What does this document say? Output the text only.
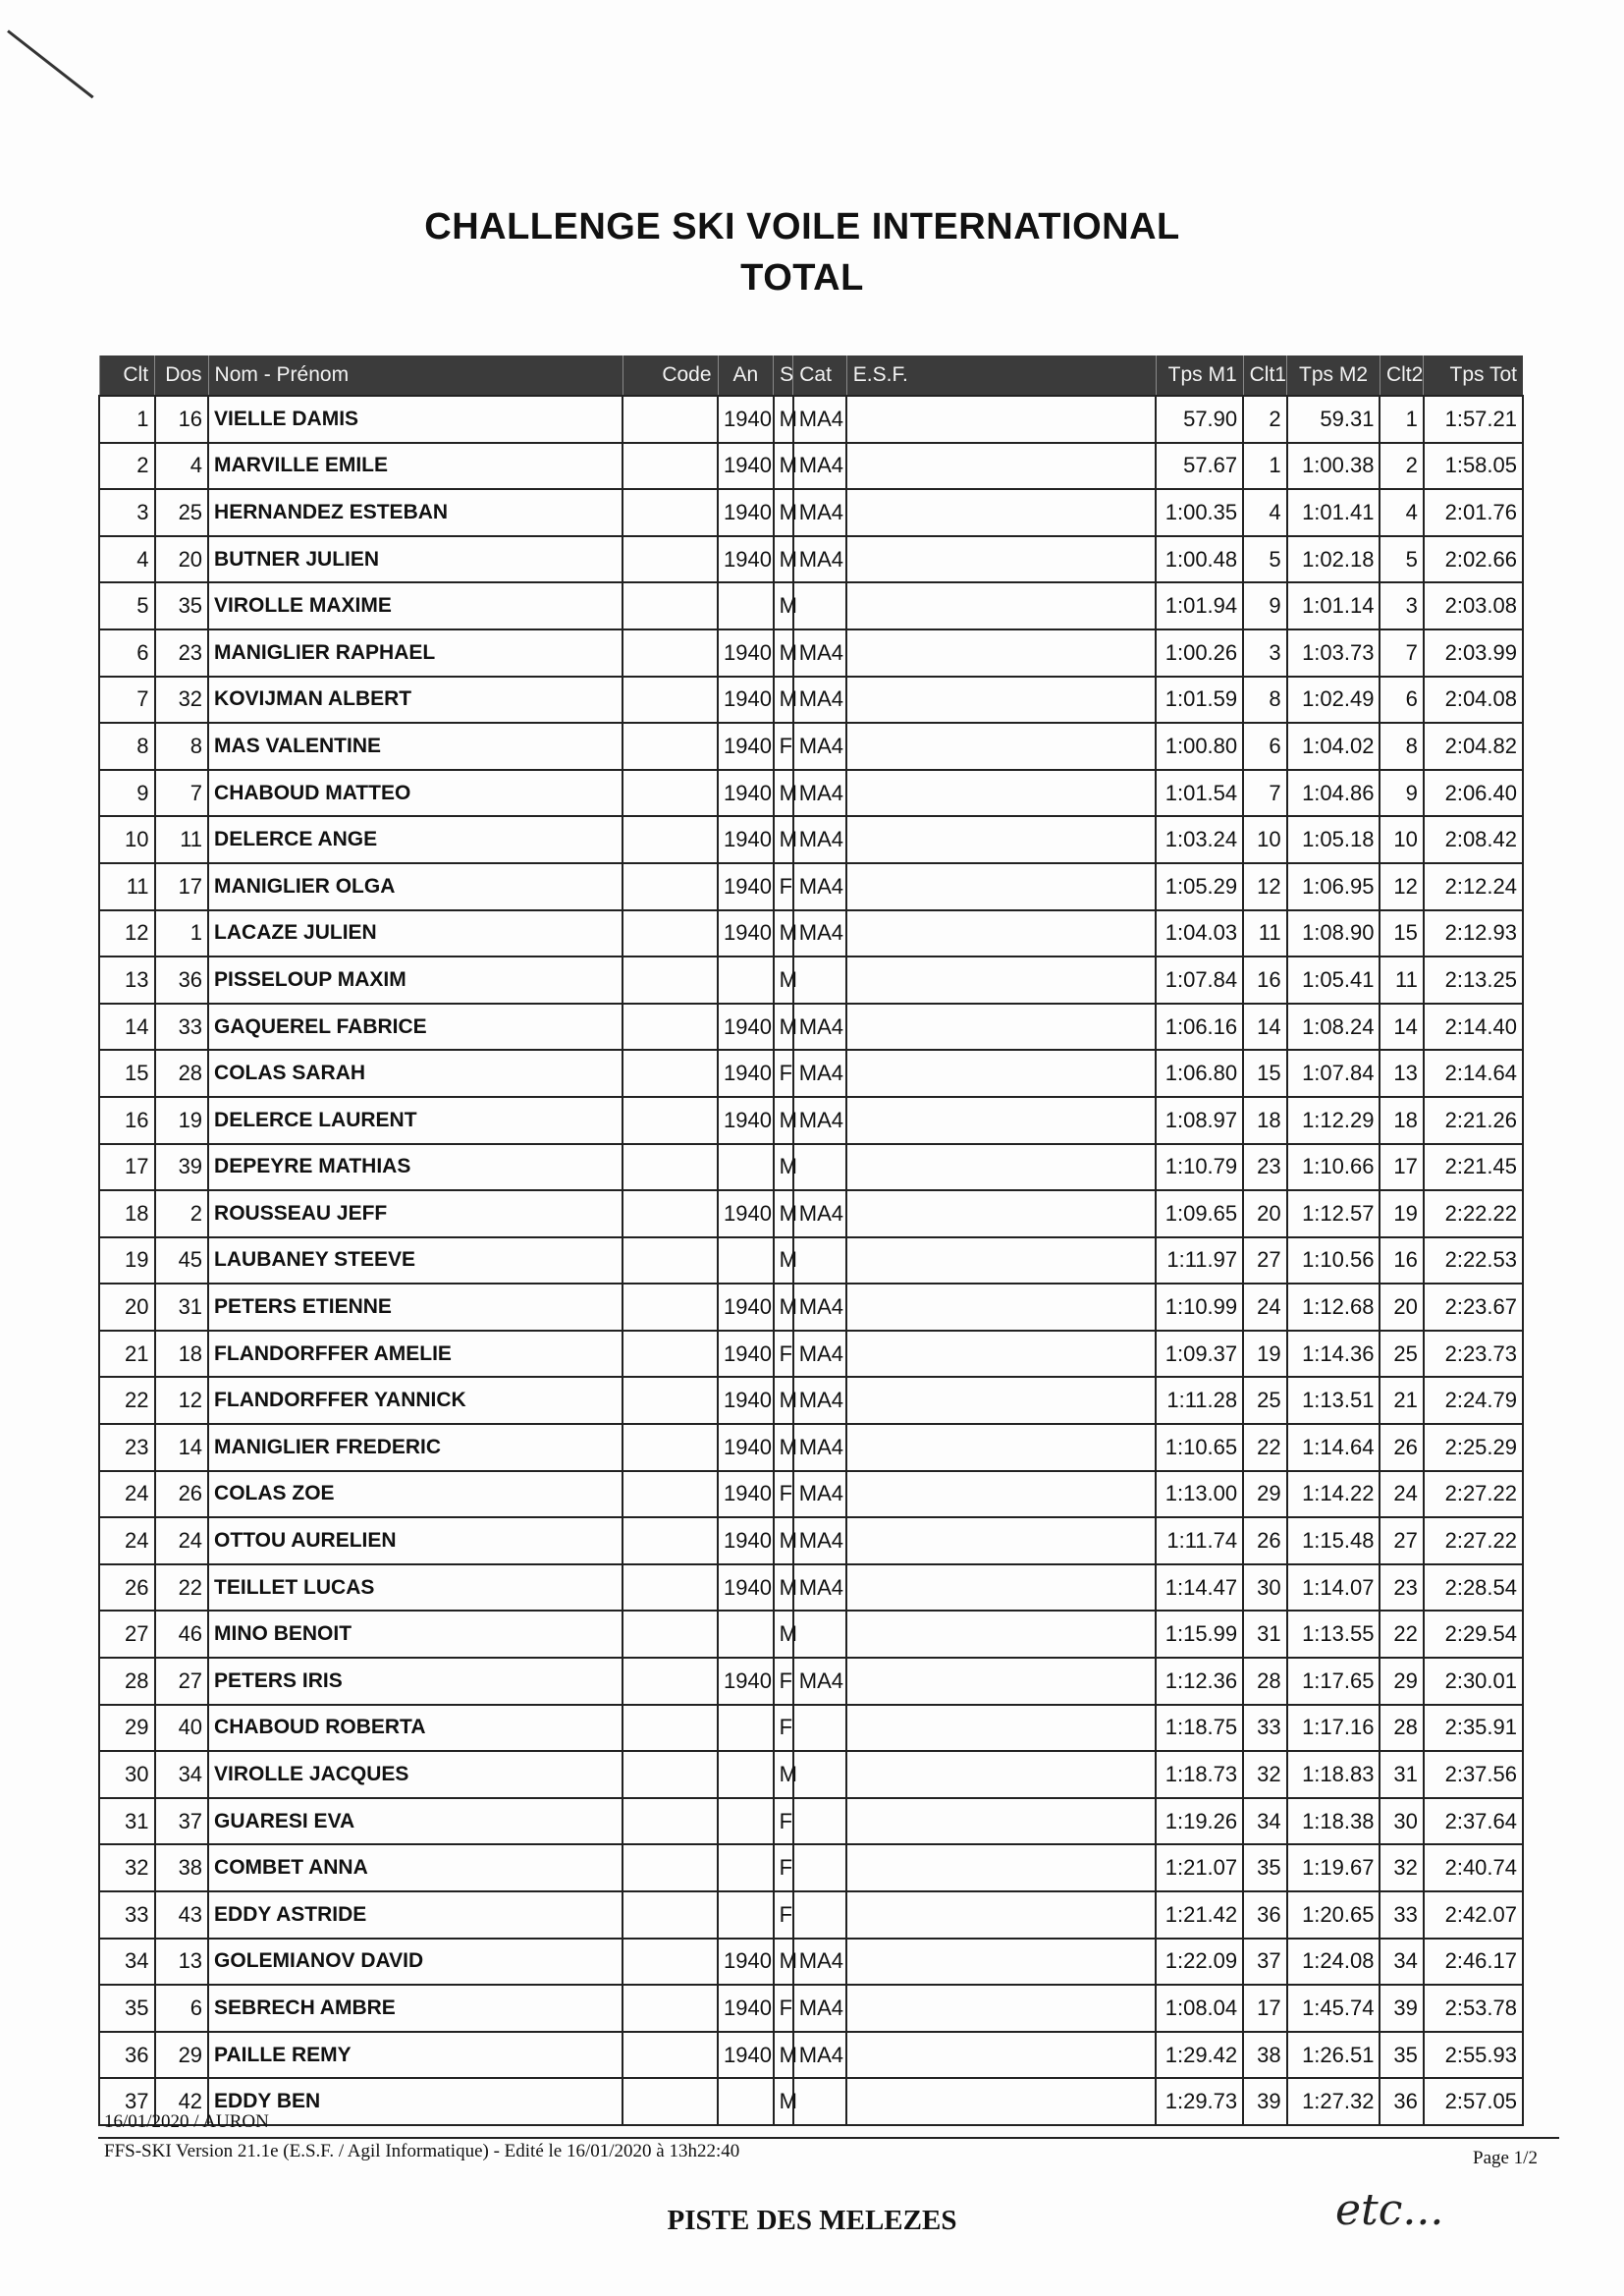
CHALLENGE SKI VOILE INTERNATIONAL
TOTAL
Clt	Dos	Nom - Prénom	Code	An	S	Cat	E.S.F.	Tps M1	Clt1	Tps M2	Clt2	Tps Tot
1	16	VIELLE DAMIS		1940	M	MA4		57.90	2	59.31	1	1:57.21
2	4	MARVILLE EMILE		1940	M	MA4		57.67	1	1:00.38	2	1:58.05
3	25	HERNANDEZ ESTEBAN		1940	M	MA4		1:00.35	4	1:01.41	4	2:01.76
4	20	BUTNER JULIEN		1940	M	MA4		1:00.48	5	1:02.18	5	2:02.66
5	35	VIROLLE MAXIME			M			1:01.94	9	1:01.14	3	2:03.08
6	23	MANIGLIER RAPHAEL		1940	M	MA4		1:00.26	3	1:03.73	7	2:03.99
7	32	KOVIJMAN ALBERT		1940	M	MA4		1:01.59	8	1:02.49	6	2:04.08
8	8	MAS VALENTINE		1940	F	MA4		1:00.80	6	1:04.02	8	2:04.82
9	7	CHABOUD MATTEO		1940	M	MA4		1:01.54	7	1:04.86	9	2:06.40
10	11	DELERCE ANGE		1940	M	MA4		1:03.24	10	1:05.18	10	2:08.42
11	17	MANIGLIER OLGA		1940	F	MA4		1:05.29	12	1:06.95	12	2:12.24
12	1	LACAZE JULIEN		1940	M	MA4		1:04.03	11	1:08.90	15	2:12.93
13	36	PISSELOUP MAXIM			M			1:07.84	16	1:05.41	11	2:13.25
14	33	GAQUEREL FABRICE		1940	M	MA4		1:06.16	14	1:08.24	14	2:14.40
15	28	COLAS SARAH		1940	F	MA4		1:06.80	15	1:07.84	13	2:14.64
16	19	DELERCE LAURENT		1940	M	MA4		1:08.97	18	1:12.29	18	2:21.26
17	39	DEPEYRE MATHIAS			M			1:10.79	23	1:10.66	17	2:21.45
18	2	ROUSSEAU JEFF		1940	M	MA4		1:09.65	20	1:12.57	19	2:22.22
19	45	LAUBANEY STEEVE			M			1:11.97	27	1:10.56	16	2:22.53
20	31	PETERS ETIENNE		1940	M	MA4		1:10.99	24	1:12.68	20	2:23.67
21	18	FLANDORFFER AMELIE		1940	F	MA4		1:09.37	19	1:14.36	25	2:23.73
22	12	FLANDORFFER YANNICK		1940	M	MA4		1:11.28	25	1:13.51	21	2:24.79
23	14	MANIGLIER FREDERIC		1940	M	MA4		1:10.65	22	1:14.64	26	2:25.29
24	26	COLAS ZOE		1940	F	MA4		1:13.00	29	1:14.22	24	2:27.22
24	24	OTTOU AURELIEN		1940	M	MA4		1:11.74	26	1:15.48	27	2:27.22
26	22	TEILLET LUCAS		1940	M	MA4		1:14.47	30	1:14.07	23	2:28.54
27	46	MINO BENOIT			M			1:15.99	31	1:13.55	22	2:29.54
28	27	PETERS IRIS		1940	F	MA4		1:12.36	28	1:17.65	29	2:30.01
29	40	CHABOUD ROBERTA			F			1:18.75	33	1:17.16	28	2:35.91
30	34	VIROLLE JACQUES			M			1:18.73	32	1:18.83	31	2:37.56
31	37	GUARESI EVA			F			1:19.26	34	1:18.38	30	2:37.64
32	38	COMBET ANNA			F			1:21.07	35	1:19.67	32	2:40.74
33	43	EDDY ASTRIDE			F			1:21.42	36	1:20.65	33	2:42.07
34	13	GOLEMIANOV DAVID		1940	M	MA4		1:22.09	37	1:24.08	34	2:46.17
35	6	SEBRECH AMBRE		1940	F	MA4		1:08.04	17	1:45.74	39	2:53.78
36	29	PAILLE REMY		1940	M	MA4		1:29.42	38	1:26.51	35	2:55.93
37	42	EDDY BEN			M			1:29.73	39	1:27.32	36	2:57.05
16/01/2020 / AURON
FFS-SKI Version 21.1e (E.S.F. / Agil Informatique) - Edité le 16/01/2020 à 13h22:40	Page 1/2
PISTE DES MELEZES	etc...
